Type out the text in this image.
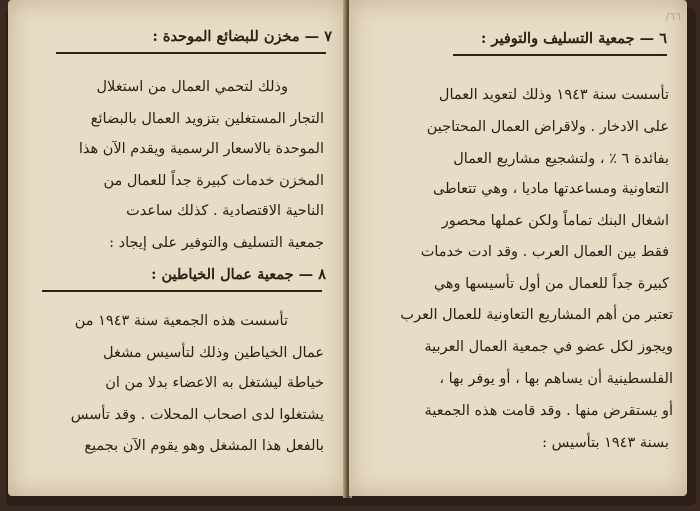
٧ — مخزن للبضائع الموحدة :
وذلك لتحمي العمال من استغلال
التجار المستغلين بتزويد العمال بالبضائع
الموحدة بالاسعار الرسمية ويقدم الآن هذا
المخزن خدمات كبيرة جداً للعمال من
الناحية الاقتصادية . كذلك ساعدت
جمعية التسليف والتوفير على إيجاد :
٨ — جمعية عمال الخياطين :
تأسست هذه الجمعية سنة ١٩٤٣ من
عمال الخياطين وذلك لتأسيس مشغل
خياطة ليشتغل به الاعضاء بدلا من ان
يشتغلوا لدى اصحاب المحلات . وقد تأسس
بالفعل هذا المشغل وهو يقوم الآن بجميع
/٦٦
٦ — جمعية التسليف والتوفير :
تأسست سنة ١٩٤٣ وذلك لتعويد العمال
على الادخار . ولاقراض العمال المحتاجين
بفائدة ٦ ٪ ، ولتشجيع مشاريع العمال
التعاونية ومساعدتها ماديا ، وهي تتعاطى
اشغال البنك تماماً ولكن عملها محصور
فقط بين العمال العرب . وقد ادت خدمات
كبيرة جداً للعمال من أول تأسيسها وهي
تعتبر من أهم المشاريع التعاونية للعمال العرب
ويجوز لكل عضو في جمعية العمال العربية
الفلسطينية أن يساهم بها ، أو يوفر بها ،
أو يستقرض منها . وقد قامت هذه الجمعية
بسنة ١٩٤٣ بتأسيس :
